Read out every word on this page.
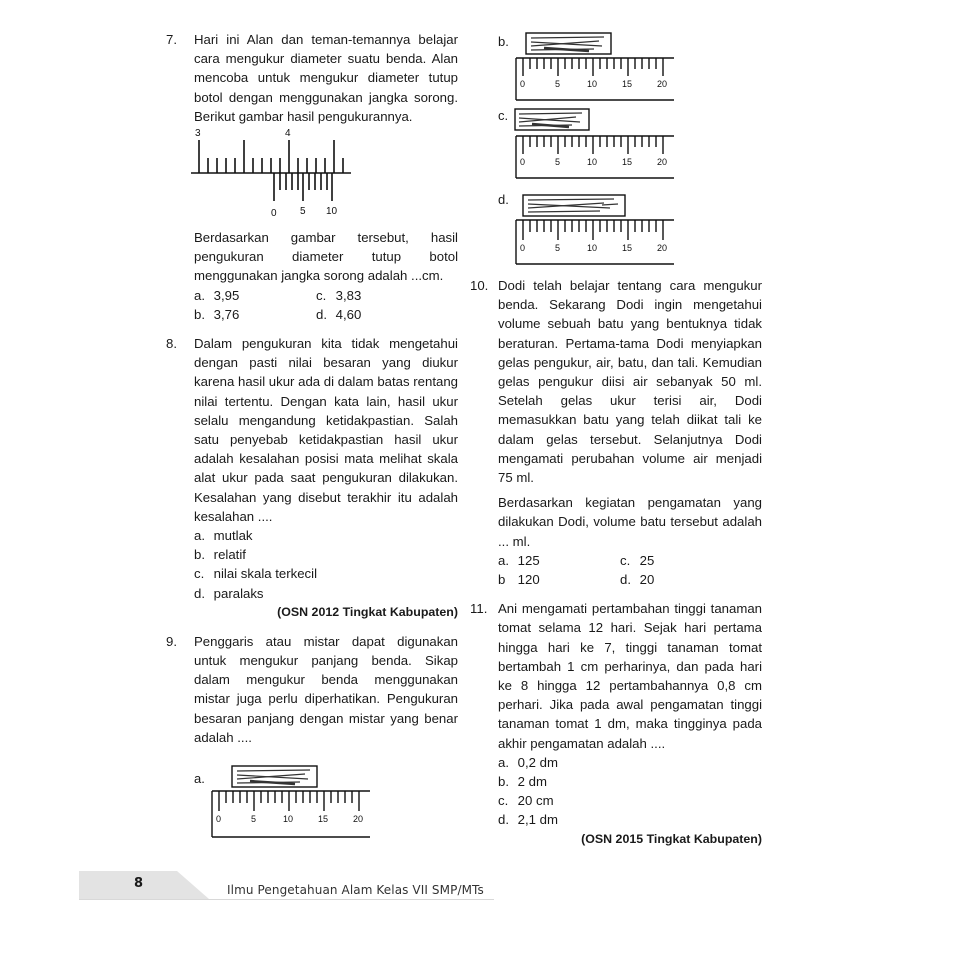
7. Hari ini Alan dan teman-temannya belajar cara mengukur diameter suatu benda. Alan mencoba untuk mengukur diameter tutup botol dengan menggunakan jangka sorong. Berikut gambar hasil pengukurannya.

3	4
0 5 10

Berdasarkan gambar tersebut, hasil pengukuran diameter tutup botol menggunakan jangka sorong adalah ...cm.

a. 3,95	c. 3,83
b. 3,76	d. 4,60
8. Dalam pengukuran kita tidak mengetahui dengan pasti nilai besaran yang diukur karena hasil ukur ada di dalam batas rentang nilai tertentu. Dengan kata lain, hasil ukur selalu mengandung ketidakpastian. Salah satu penyebab ketidakpastian hasil ukur adalah kesalahan posisi mata melihat skala alat ukur pada saat pengukuran dilakukan. Kesalahan yang disebut terakhir itu adalah kesalahan ....

a. mutlak
b. relatif
c. nilai skala terkecil
d. paralaks
(OSN 2012 Tingkat Kabupaten)
9. Penggaris atau mistar dapat digunakan untuk mengukur panjang benda. Sikap dalam mengukur benda menggunakan mistar juga perlu diperhatikan. Pengukuran besaran panjang dengan mistar yang benar adalah ....

a.
0	5	10	15	20
b.
0	5	10	15	20
c.
0	5	10	15	20
d.
0	5	10	15	20
10. Dodi telah belajar tentang cara mengukur benda. Sekarang Dodi ingin mengetahui volume sebuah batu yang bentuknya tidak beraturan. Pertama-tama Dodi menyiapkan gelas pengukur, air, batu, dan tali. Kemudian gelas pengukur diisi air sebanyak 50 ml. Setelah gelas ukur terisi air, Dodi memasukkan batu yang telah diikat tali ke dalam gelas tersebut. Selanjutnya Dodi mengamati perubahan volume air menjadi 75 ml.

Berdasarkan kegiatan pengamatan yang dilakukan Dodi, volume batu tersebut adalah ... ml.

a. 125	c. 25
b 120	d. 20
11. Ani mengamati pertambahan tinggi tanaman tomat selama 12 hari. Sejak hari pertama hingga hari ke 7, tinggi tanaman tomat bertambah 1 cm perharinya, dan pada hari ke 8 hingga 12 pertambahannya 0,8 cm perhari. Jika pada awal pengamatan tinggi tanaman tomat 1 dm, maka tingginya pada akhir pengamatan adalah ....

a. 0,2 dm
b. 2 dm
c. 20 cm
d. 2,1 dm
(OSN 2015 Tingkat Kabupaten)
8	Ilmu Pengetahuan Alam Kelas VII SMP/MTs
